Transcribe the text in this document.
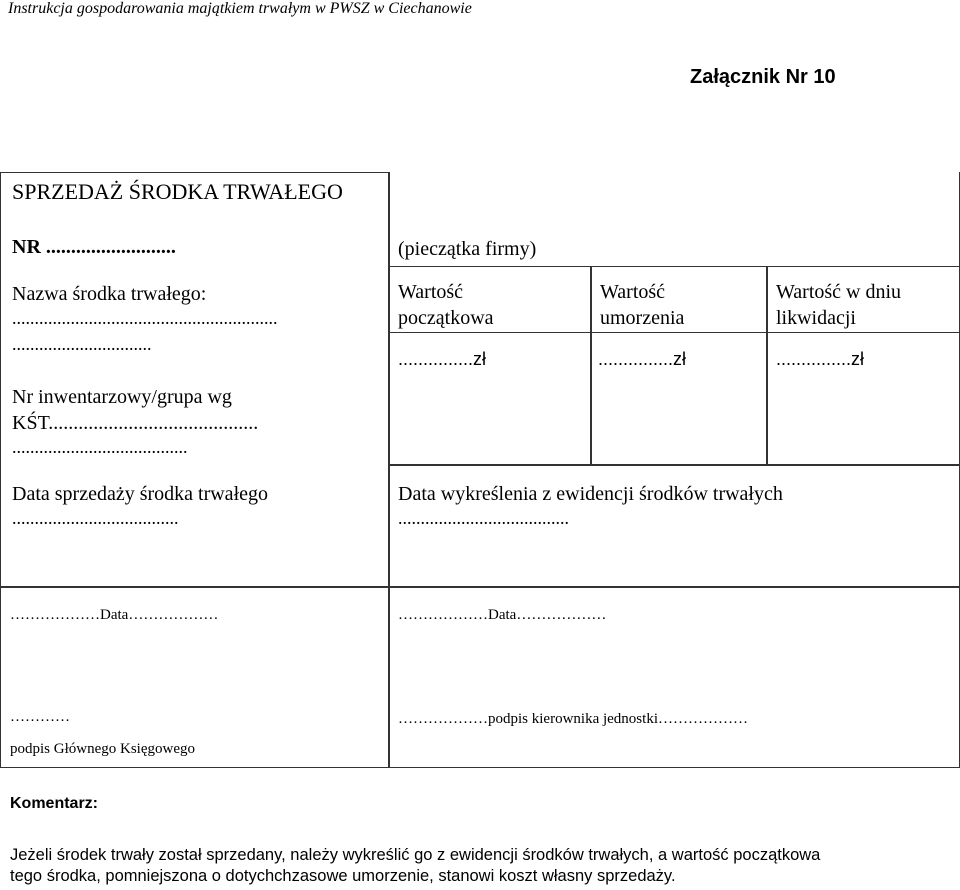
Instrukcja gospodarowania majątkiem trwałym w PWSZ w Ciechanowie
Załącznik Nr 10
SPRZEDAŻ ŚRODKA TRWAŁEGO
NR ..........................
Nazwa środka trwałego:
...........................................................
...............................
Nr inwentarzowy/grupa wg
KŚT..........................................
.......................................
Data sprzedaży środka trwałego
.....................................
(pieczątka firmy)
Wartość
początkowa
...............zł
Wartość
umorzenia
...............zł
Wartość w dniu
likwidacji
...............zł
Data wykreślenia z ewidencji środków trwałych
......................................
………………Data………………	………………Data………………
…………
podpis Głównego Księgowego
………………podpis kierownika jednostki………………
Komentarz:
Jeżeli środek trwały został sprzedany, należy wykreślić go z ewidencji środków trwałych, a wartość początkowa
tego środka, pomniejszona o dotychchzasowe umorzenie, stanowi koszt własny sprzedaży.
